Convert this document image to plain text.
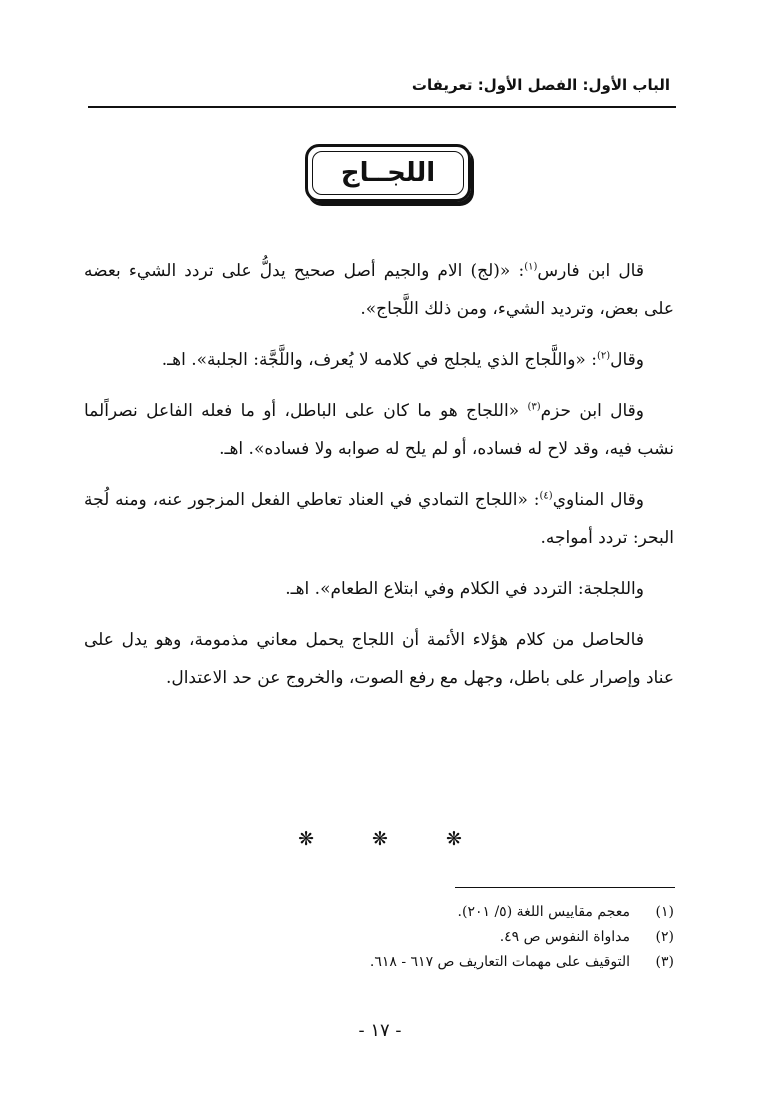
الباب الأول: الفصل الأول: تعريفات
اللجــاج

قال ابن فارس$^{(١)}$: «(لج) الام والجيم أصل صحيح يدلُّ على تردد الشيء بعضه على بعض، وترديد الشيء، ومن ذلك اللَّجاج».

وقال$^{(٢)}$: «واللَّجاج الذي يلجلج في كلامه لا يُعرف، واللَّجَّة: الجلبة». اهـ.

وقال ابن حزم$^{(٣)}$ «اللجاج هو ما كان على الباطل، أو ما فعله الفاعل نصراًلما نشب فيه، وقد لاح له فساده، أو لم يلح له صوابه ولا فساده». اهـ.

وقال المناوي$^{(٤)}$: «اللجاج التمادي في العناد تعاطي الفعل المزجور عنه، ومنه لُجة البحر: تردد أمواجه.

واللجلجة: التردد في الكلام وفي ابتلاع الطعام». اهـ.

فالحاصل من كلام هؤلاء الأئمة أن اللجاج يحمل معاني مذمومة، وهو يدل على عناد وإصرار على باطل، وجهل مع رفع الصوت، والخروج عن حد الاعتدال.

❋ ❋ ❋
(١)
معجم مقاييس اللغة (٥/ ٢٠١).
(٢)
مداواة النفوس ص ٤٩.
(٣)
التوقيف على مهمات التعاريف ص ٦١٧ - ٦١٨.
- ١٧ -
